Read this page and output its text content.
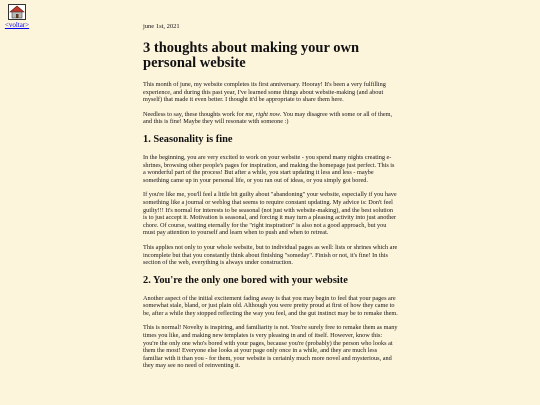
<voltar>	june 1st, 2021
3 thoughts about making your own personal website

This month of june, my website completes its first anniversary. Hooray! It's been a very fulfilling experience, and during this past year, I've learned some things about website-making (and about myself) that made it even better. I thought it'd be appropriate to share them here.

Needless to say, these thoughts work for me, right now. You may disagree with some or all of them, and this is fine! Maybe they will resonate with someone :)

1. Seasonality is fine

In the beginning, you are very excited to work on your website - you spend many nights creating e-shrines, browsing other people's pages for inspiration, and making the homepage just perfect. This is a wonderful part of the process! But after a while, you start updating it less and less - maybe something came up in your personal life, or you ran out of ideas, or you simply got bored.

If you're like me, you'll feel a little bit guilty about "abandoning" your website, especially if you have something like a journal or weblog that seems to require constant updating. My advice is: Don't feel guilty!!! It's normal for interests to be seasonal (not just with website-making), and the best solution is to just accept it. Motivation is seasonal, and forcing it may turn a pleasing activity into just another chore. Of course, waiting eternally for the "right inspiration" is also not a good approach, but you must pay attention to yourself and learn when to push and when to retreat.

This applies not only to your whole website, but to individual pages as well: lists or shrines which are incomplete but that you constantly think about finishing "someday". Finish or not, it's fine! In this section of the web, everything is always under construction.

2. You're the only one bored with your website

Another aspect of the initial excitement fading away is that you may begin to feel that your pages are somewhat stale, bland, or just plain old. Although you were pretty proud at first of how they came to be, after a while they stopped reflecting the way you feel, and the gut instinct may be to remake them.

This is normal! Novelty is inspiring, and familiarity is not. You're surely free to remake them as many times you like, and making new templates is very pleasing in and of itself. However, know this: you're the only one who's bored with your pages, because you're (probably) the person who looks at them the most! Everyone else looks at your page only once in a while, and they are much less familiar with it than you - for them, your website is certainly much more novel and mysterious, and they may see no need of reinventing it.
